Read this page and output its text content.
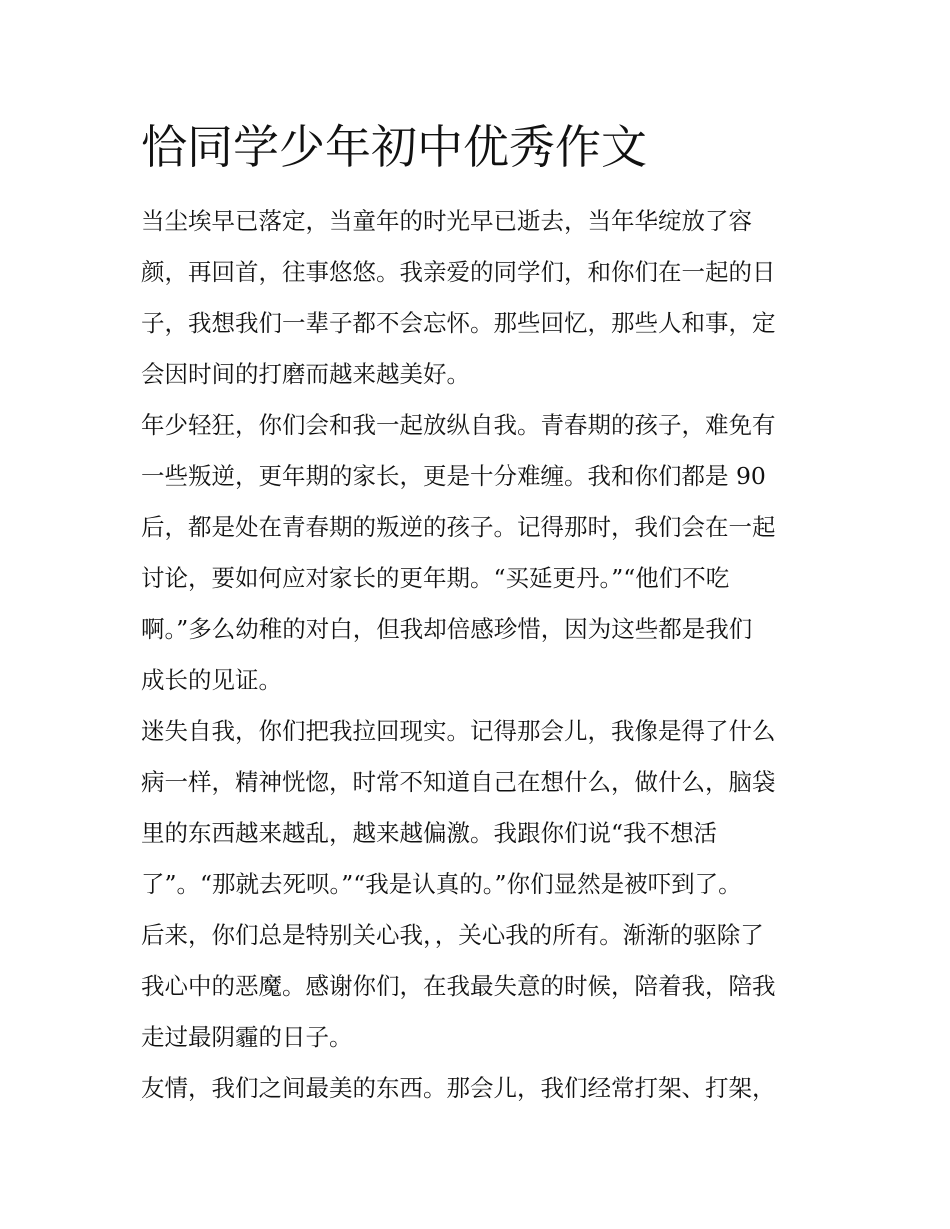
恰同学少年初中优秀作文
当尘埃早已落定，当童年的时光早已逝去，当年华绽放了容
颜，再回首，往事悠悠。我亲爱的同学们，和你们在一起的日
子，我想我们一辈子都不会忘怀。那些回忆，那些人和事，定
会因时间的打磨而越来越美好。
年少轻狂，你们会和我一起放纵自我。青春期的孩子，难免有
一些叛逆，更年期的家长，更是十分难缠。我和你们都是 90
后，都是处在青春期的叛逆的孩子。记得那时，我们会在一起
讨论，要如何应对家长的更年期。“买延更丹。”“他们不吃
啊。”多么幼稚的对白，但我却倍感珍惜，因为这些都是我们
成长的见证。
迷失自我，你们把我拉回现实。记得那会儿，我像是得了什么
病一样，精神恍惚，时常不知道自己在想什么，做什么，脑袋
里的东西越来越乱，越来越偏激。我跟你们说“我不想活
了”。“那就去死呗。”“我是认真的。”你们显然是被吓到了。
后来，你们总是特别关心我，，关心我的所有。渐渐的驱除了
我心中的恶魔。感谢你们，在我最失意的时候，陪着我，陪我
走过最阴霾的日子。
友情，我们之间最美的东西。那会儿，我们经常打架、打架，
